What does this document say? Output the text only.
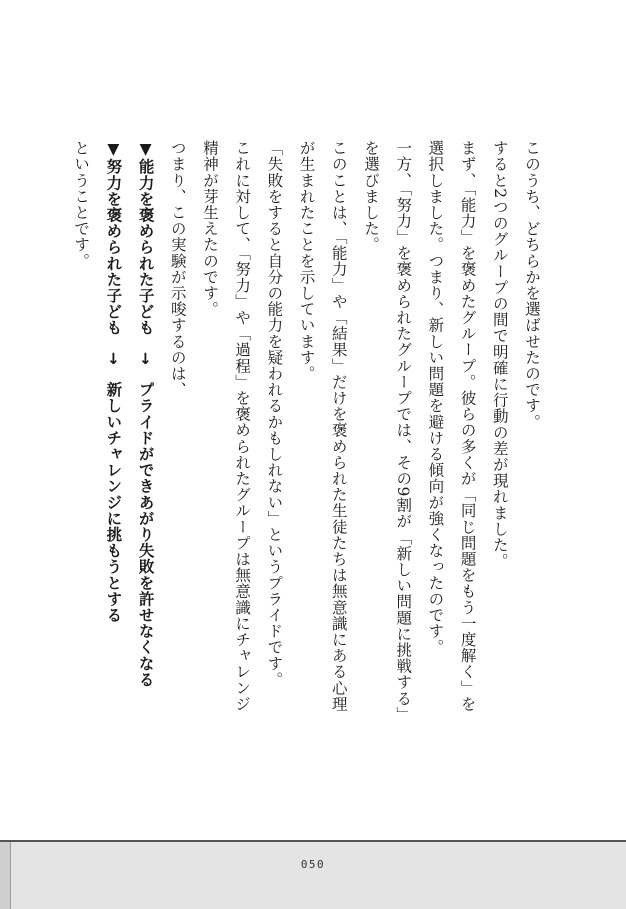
このうち、どちらかを選ばせたのです。
すると2つのグループの間で明確に行動の差が現れました。
まず、「能力」を褒めたグループ。彼らの多くが「同じ問題をもう一度解く」を
選択しました。つまり、新しい問題を避ける傾向が強くなったのです。
一方、「努力」を褒められたグループでは、その9割が「新しい問題に挑戦する」
を選びました。
このことは、「能力」や「結果」だけを褒められた生徒たちは無意識にある心理
が生まれたことを示しています。
「失敗をすると自分の能力を疑われるかもしれない」というプライドです。
これに対して、「努力」や「過程」を褒められたグループは無意識にチャレンジ
精神が芽生えたのです。
つまり、この実験が示唆するのは、
▼能力を褒められた子ども　→　プライドができあがり失敗を許せなくなる
▼努力を褒められた子ども　→　新しいチャレンジに挑もうとする
ということです。
050
